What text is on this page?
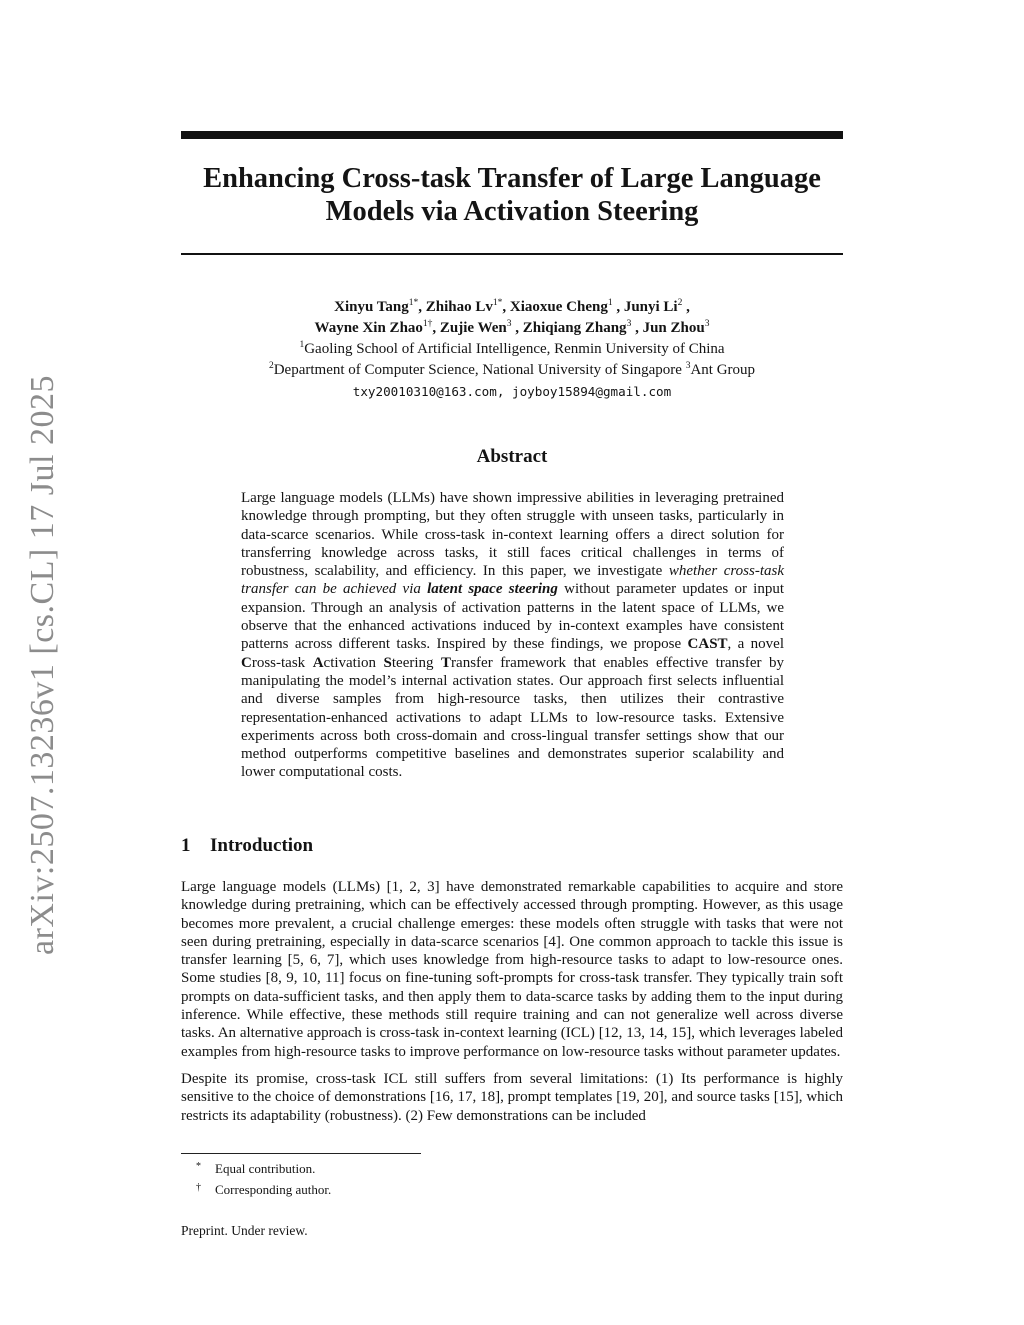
arXiv:2507.13236v1 [cs.CL] 17 Jul 2025
Enhancing Cross-task Transfer of Large Language Models via Activation Steering
Xinyu Tang$^{1*}$, Zhihao $Lv^{1*}$, Xiaoxue Cheng$^1$ , Junyi Li$^2$ ,
Wayne Xin Zhao$^{1\dagger}$, Zujie Wen$^3$ , Zhiqiang Zhang$^3$ , Jun Zhou$^3$
$^1$Gaoling School of Artificial Intelligence, Renmin University of China
$^2$Department of Computer Science, National University of Singapore $^3$Ant Group
txy20010310@163.com, joyboy15894@gmail.com
Abstract

Large language models (LLMs) have shown impressive abilities in leveraging pretrained knowledge through prompting, but they often struggle with unseen tasks, particularly in data-scarce scenarios. While cross-task in-context learning offers a direct solution for transferring knowledge across tasks, it still faces critical challenges in terms of robustness, scalability, and efficiency. In this paper, we investigate whether cross-task transfer can be achieved via latent space steering without parameter updates or input expansion. Through an analysis of activation patterns in the latent space of LLMs, we observe that the enhanced activations induced by in-context examples have consistent patterns across different tasks. Inspired by these findings, we propose CAST, a novel Cross-task Activation Steering Transfer framework that enables effective transfer by manipulating the model’s internal activation states. Our approach first selects influential and diverse samples from high-resource tasks, then utilizes their contrastive representation-enhanced activations to adapt LLMs to low-resource tasks. Extensive experiments across both cross-domain and cross-lingual transfer settings show that our method outperforms competitive baselines and demonstrates superior scalability and lower computational costs.

1 Introduction

Large language models (LLMs) [1, 2, 3] have demonstrated remarkable capabilities to acquire and store knowledge during pretraining, which can be effectively accessed through prompting. However, as this usage becomes more prevalent, a crucial challenge emerges: these models often struggle with tasks that were not seen during pretraining, especially in data-scarce scenarios [4]. One common approach to tackle this issue is transfer learning [5, 6, 7], which uses knowledge from high-resource tasks to adapt to low-resource ones. Some studies [8, 9, 10, 11] focus on fine-tuning soft-prompts for cross-task transfer. They typically train soft prompts on data-sufficient tasks, and then apply them to data-scarce tasks by adding them to the input during inference. While effective, these methods still require training and can not generalize well across diverse tasks. An alternative approach is cross-task in-context learning (ICL) [12, 13, 14, 15], which leverages labeled examples from high-resource tasks to improve performance on low-resource tasks without parameter updates.

Despite its promise, cross-task ICL still suffers from several limitations: (1) Its performance is highly sensitive to the choice of demonstrations [16, 17, 18], prompt templates [19, 20], and source tasks [15], which restricts its adaptability (robustness). (2) Few demonstrations can be included

* Equal contribution.
† Corresponding author.

Preprint. Under review.
